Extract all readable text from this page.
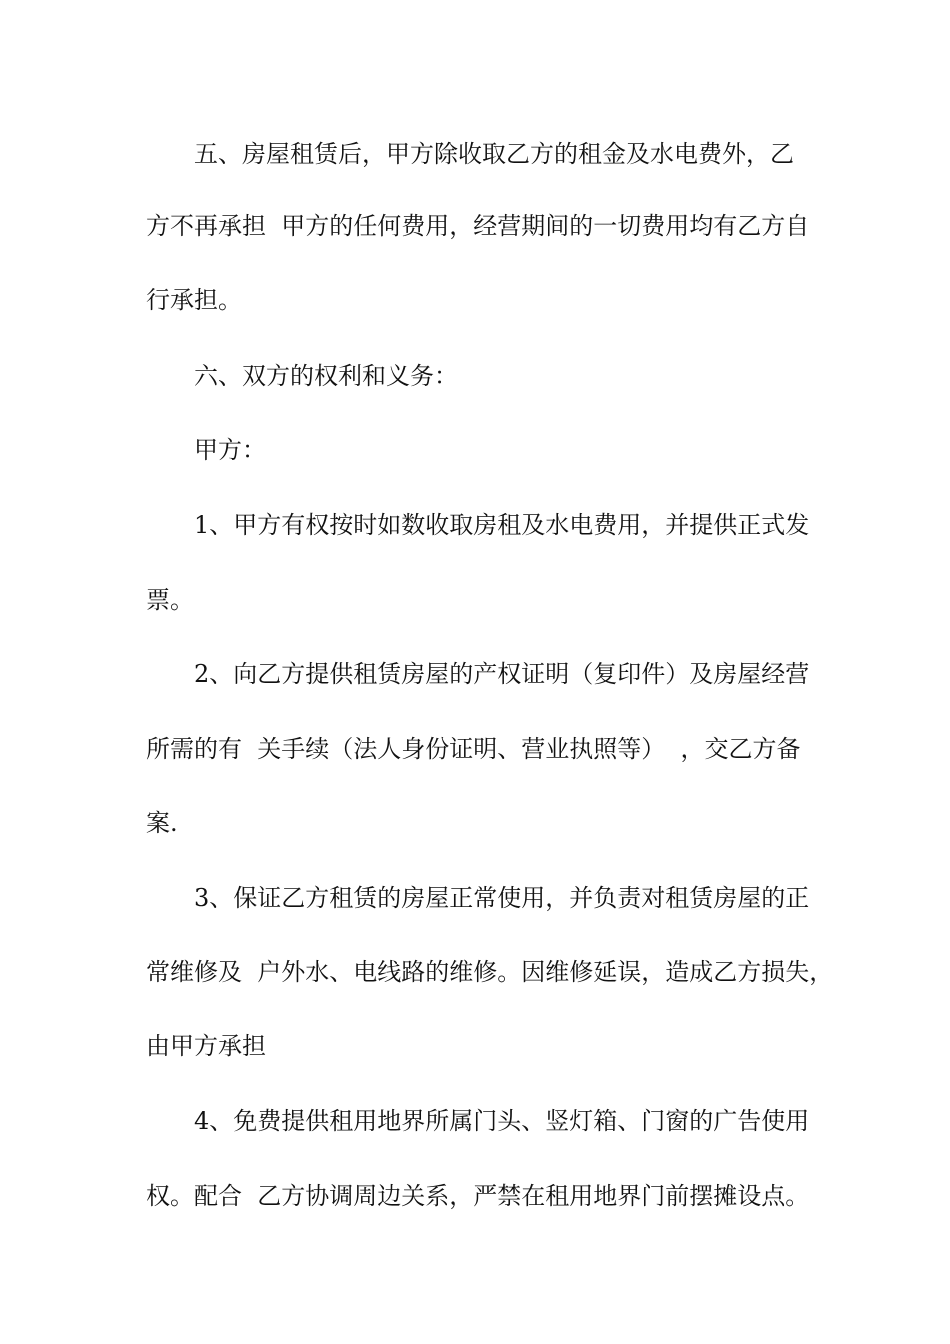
五、房屋租赁后，甲方除收取乙方的租金及水电费外，乙
方不再承担  甲方的任何费用，经营期间的一切费用均有乙方自
行承担。
六、双方的权利和义务：
甲方：
1、甲方有权按时如数收取房租及水电费用，并提供正式发
票。
2、向乙方提供租赁房屋的产权证明（复印件）及房屋经营
所需的有  关手续（法人身份证明、营业执照等）  ，交乙方备
案.
3、保证乙方租赁的房屋正常使用，并负责对租赁房屋的正
常维修及  户外水、电线路的维修。因维修延误，造成乙方损失，
由甲方承担
4、免费提供租用地界所属门头、竖灯箱、门窗的广告使用
权。配合  乙方协调周边关系，严禁在租用地界门前摆摊设点。
